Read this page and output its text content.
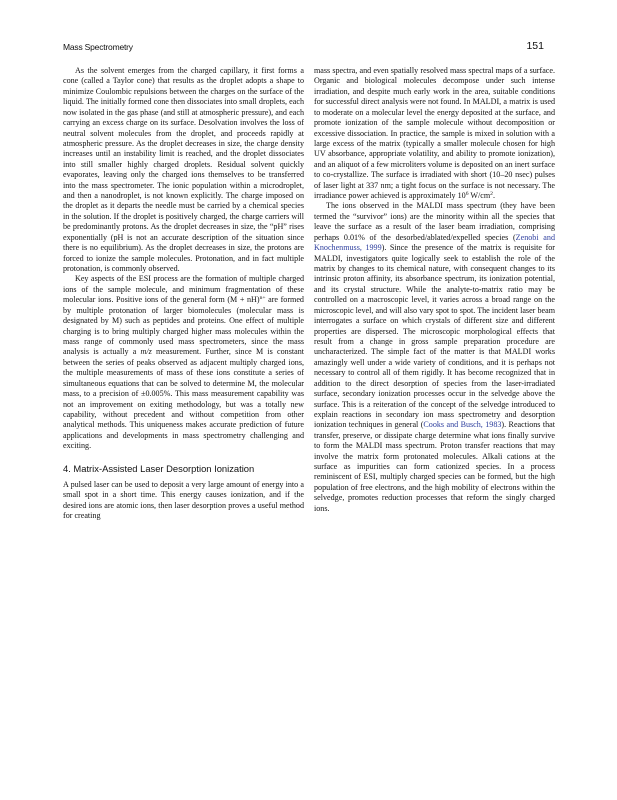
Mass Spectrometry	151

As the solvent emerges from the charged capillary, it first forms a cone (called a Taylor cone) that results as the droplet adopts a shape to minimize Coulombic repulsions between the charges on the surface of the liquid. The initially formed cone then dissociates into small droplets, each now isolated in the gas phase (and still at atmospheric pressure), and each carrying an excess charge on its surface. Desolvation involves the loss of neutral solvent molecules from the droplet, and proceeds rapidly at atmospheric pressure. As the droplet decreases in size, the charge density increases until an instability limit is reached, and the droplet dissociates into still smaller highly charged droplets. Residual solvent quickly evaporates, leaving only the charged ions themselves to be transferred into the mass spectrometer. The ionic population within a microdroplet, and then a nanodroplet, is not known explicitly. The charge imposed on the droplet as it departs the needle must be carried by a chemical species in the solution. If the droplet is positively charged, the charge carriers will be predominantly protons. As the droplet decreases in size, the “pH” rises exponentially (pH is not an accurate description of the situation since there is no equilibrium). As the droplet decreases in size, the protons are forced to ionize the sample molecules. Protonation, and in fact multiple protonation, is commonly observed.

Key aspects of the ESI process are the formation of multiple charged ions of the sample molecule, and minimum fragmentation of these molecular ions. Positive ions of the general form (M + nH)$^{n+}$ are formed by multiple protonation of larger biomolecules (molecular mass is designated by M) such as peptides and proteins. One effect of multiple charging is to bring multiply charged higher mass molecules within the mass range of commonly used mass spectrometers, since the mass analysis is actually a m/z measurement. Further, since M is constant between the series of peaks observed as adjacent multiply charged ions, the multiple measurements of mass of these ions constitute a series of simultaneous equations that can be solved to determine M, the molecular mass, to a precision of ±0.005%. This mass measurement capability was not an improvement on exiting methodology, but was a totally new capability, without precedent and without competition from other analytical methods. This uniqueness makes accurate prediction of future applications and developments in mass spectrometry challenging and exciting.

4. Matrix-Assisted Laser Desorption Ionization

A pulsed laser can be used to deposit a very large amount of energy into a small spot in a short time. This energy causes ionization, and if the desired ions are atomic ions, then laser desorption proves a useful method for creating

mass spectra, and even spatially resolved mass spectral maps of a surface. Organic and biological molecules decompose under such intense irradiation, and despite much early work in the area, suitable conditions for successful direct analysis were not found. In MALDI, a matrix is used to moderate on a molecular level the energy deposited at the surface, and promote ionization of the sample molecule without decomposition or excessive dissociation. In practice, the sample is mixed in solution with a large excess of the matrix (typically a smaller molecule chosen for high UV absorbance, appropriate volatility, and ability to promote ionization), and an aliquot of a few microliters volume is deposited on an inert surface to co-crystallize. The surface is irradiated with short (10–20 nsec) pulses of laser light at 337 nm; a tight focus on the surface is not necessary. The irradiance power achieved is approximately $10^6$ $W/cm^2$.

The ions observed in the MALDI mass spectrum (they have been termed the “survivor” ions) are the minority within all the species that leave the surface as a result of the laser beam irradiation, comprising perhaps 0.01% of the desorbed/ablated/expelled species (Zenobi and Knochenmuss, 1999). Since the presence of the matrix is requisite for MALDI, investigators quite logically seek to establish the role of the matrix by changes to its chemical nature, with consequent changes to its intrinsic proton affinity, its absorbance spectrum, its ionization potential, and its crystal structure. While the analyte-to-matrix ratio may be controlled on a macroscopic level, it varies across a broad range on the microscopic level, and will also vary spot to spot. The incident laser beam interrogates a surface on which crystals of different size and different properties are dispersed. The microscopic morphological effects that result from a change in gross sample preparation procedure are uncharacterized. The simple fact of the matter is that MALDI works amazingly well under a wide variety of conditions, and it is perhaps not necessary to control all of them rigidly. It has become recognized that in addition to the direct desorption of species from the laser-irradiated surface, secondary ionization processes occur in the selvedge above the surface. This is a reiteration of the concept of the selvedge introduced to explain reactions in secondary ion mass spectrometry and desorption ionization techniques in general (Cooks and Busch, 1983). Reactions that transfer, preserve, or dissipate charge determine what ions finally survive to form the MALDI mass spectrum. Proton transfer reactions that may involve the matrix form protonated molecules. Alkali cations at the surface as impurities can form cationized species. In a process reminiscent of ESI, multiply charged species can be formed, but the high population of free electrons, and the high mobility of electrons within the selvedge, promotes reduction processes that reform the singly charged ions.
